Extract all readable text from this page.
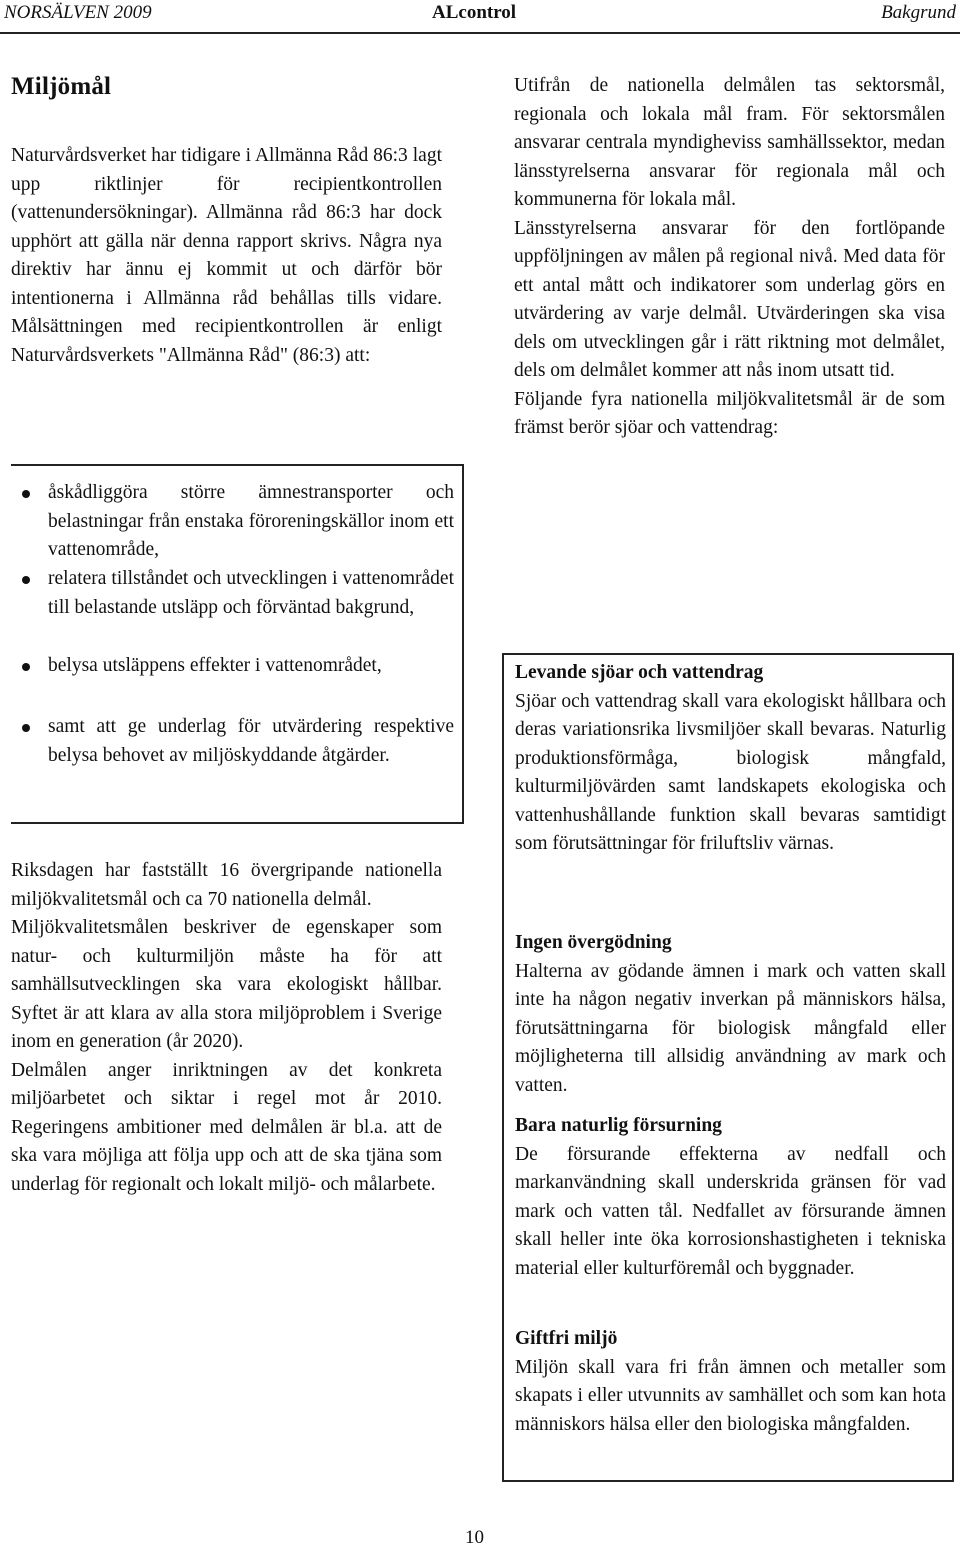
NORSÄLVEN 2009	ALcontrol	Bakgrund
Miljömål

Naturvårdsverket har tidigare i Allmänna Råd 86:3 lagt upp riktlinjer för recipientkontrollen (vattenundersökningar). Allmänna råd 86:3 har dock upphört att gälla när denna rapport skrivs. Några nya direktiv har ännu ej kommit ut och därför bör intentionerna i Allmänna råd behållas tills vidare. Målsättningen med recipientkontrollen är enligt Naturvårdsverkets "Allmänna Råd" (86:3) att:

åskådliggöra större ämnestransporter och belastningar från enstaka föroreningskällor inom ett vattenområde,
relatera tillståndet och utvecklingen i vattenområdet till belastande utsläpp och förväntad bakgrund,
belysa utsläppens effekter i vattenområdet,
samt att ge underlag för utvärdering respektive belysa behovet av miljöskyddande åtgärder.

Riksdagen har fastställt 16 övergripande nationella miljökvalitetsmål och ca 70 nationella delmål.

Miljökvalitetsmålen beskriver de egenskaper som natur- och kulturmiljön måste ha för att samhällsutvecklingen ska vara ekologiskt hållbar. Syftet är att klara av alla stora miljöproblem i Sverige inom en generation (år 2020).

Delmålen anger inriktningen av det konkreta miljöarbetet och siktar i regel mot år 2010. Regeringens ambitioner med delmålen är bl.a. att de ska vara möjliga att följa upp och att de ska tjäna som underlag för regionalt och lokalt miljö- och målarbete.

Utifrån de nationella delmålen tas sektorsmål, regionala och lokala mål fram. För sektorsmålen ansvarar centrala myndigheviss samhällssektor, medan länsstyrelserna ansvarar för regionala mål och kommunerna för lokala mål.

Länsstyrelserna ansvarar för den fortlöpande uppföljningen av målen på regional nivå. Med data för ett antal mått och indikatorer som underlag görs en utvärdering av varje delmål. Utvärderingen ska visa dels om utvecklingen går i rätt riktning mot delmålet, dels om delmålet kommer att nås inom utsatt tid.

Följande fyra nationella miljökvalitetsmål är de som främst berör sjöar och vattendrag:

Levande sjöar och vattendrag
Sjöar och vattendrag skall vara ekologiskt hållbara och deras variationsrika livsmiljöer skall bevaras. Naturlig produktionsförmåga, biologisk mångfald, kulturmiljövärden samt landskapets ekologiska och vattenhushållande funktion skall bevaras samtidigt som förutsättningar för friluftsliv värnas.
Ingen övergödning
Halterna av gödande ämnen i mark och vatten skall inte ha någon negativ inverkan på människors hälsa, förutsättningarna för biologisk mångfald eller möjligheterna till allsidig användning av mark och vatten.
Bara naturlig försurning
De försurande effekterna av nedfall och markanvändning skall underskrida gränsen för vad mark och vatten tål. Nedfallet av försurande ämnen skall heller inte öka korrosionshastigheten i tekniska material eller kulturföremål och byggnader.
Giftfri miljö
Miljön skall vara fri från ämnen och metaller som skapats i eller utvunnits av samhället och som kan hota människors hälsa eller den biologiska mångfalden.
10
